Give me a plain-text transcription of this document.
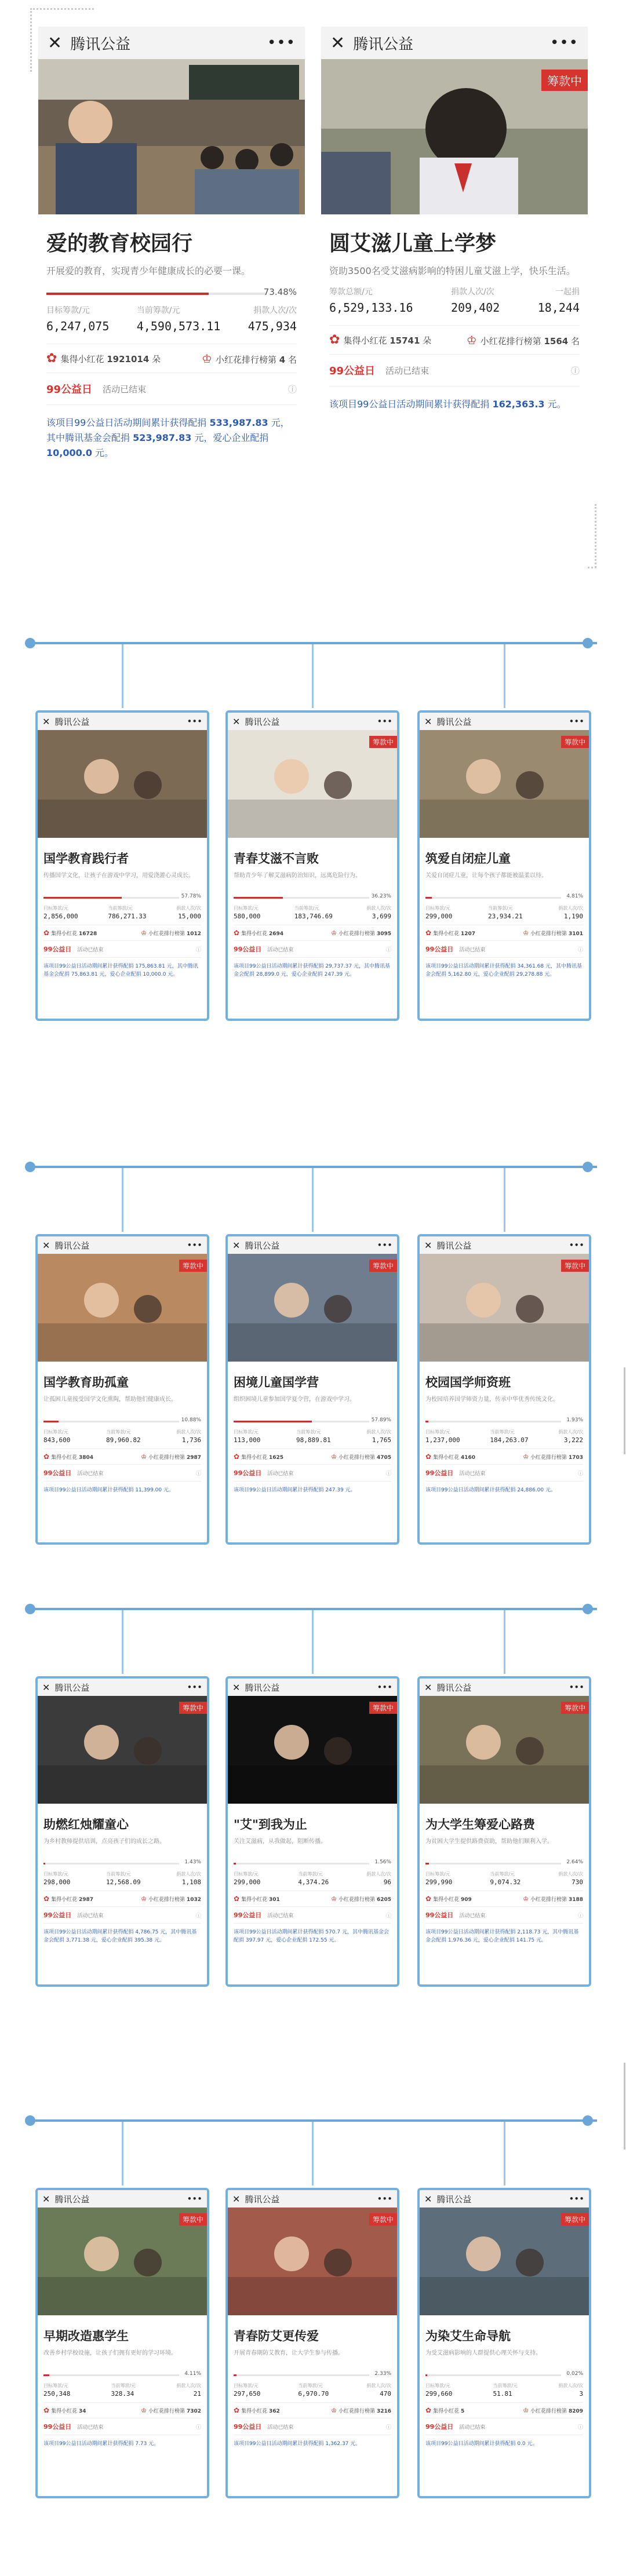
✕ 腾讯公益	•••
爱的教育校园行
开展爱的教育，实现青少年健康成长的必要一课。
73.48%
目标筹款/元
6,247,075
当前筹款/元
4,590,573.11
捐款人次/次
475,934
✿ 集得小红花 1921014 朵	♔ 小红花排行榜第 4 名
99公益日 活动已结束	ⓘ
该项目99公益日活动期间累计获得配捐 533,987.83 元，其中腾讯基金会配捐 523,987.83 元，爱心企业配捐 10,000.0 元。
✕ 腾讯公益	•••
筹款中
圆艾滋儿童上学梦
资助3500名受艾滋病影响的特困儿童艾滋上学，快乐生活。
筹款总额/元
6,529,133.16
捐款人次/次
209,402
一起捐
18,244
✿ 集得小红花 15741 朵	♔ 小红花排行榜第 1564 名
99公益日 活动已结束	ⓘ
该项目99公益日活动期间累计获得配捐 162,363.3 元。
✕ 腾讯公益	•••
国学教育践行者
传播国学文化，让孩子在游戏中学习，用爱浇灌心灵成长。
57.78%
目标筹款/元
2,856,000
当前筹款/元
786,271.33
捐款人次/次
15,000
✿ 集得小红花 16728	♔ 小红花排行榜第 1012
99公益日 活动已结束	ⓘ
该项目99公益日活动期间累计获得配捐 175,863.81 元，其中腾讯基金会配捐 75,863.81 元，爱心企业配捐 10,000.0 元。
✕ 腾讯公益	•••
筹款中
青春艾滋不言败
帮助青少年了解艾滋病防治知识，远离危险行为。
36.23%
目标筹款/元
580,000
当前筹款/元
183,746.69
捐款人次/次
3,699
✿ 集得小红花 2694	♔ 小红花排行榜第 3095
99公益日 活动已结束	ⓘ
该项目99公益日活动期间累计获得配捐 29,737.37 元，其中腾讯基金会配捐 28,899.0 元，爱心企业配捐 247.39 元。
✕ 腾讯公益	•••
筹款中
筑爱自闭症儿童
关爱自闭症儿童，让每个孩子都能被温柔以待。
4.81%
目标筹款/元
299,000
当前筹款/元
23,934.21
捐款人次/次
1,190
✿ 集得小红花 1207	♔ 小红花排行榜第 3101
99公益日 活动已结束	ⓘ
该项目99公益日活动期间累计获得配捐 34,361.68 元，其中腾讯基金会配捐 5,162.80 元，爱心企业配捐 29,278.88 元。
✕ 腾讯公益	•••
筹款中
国学教育助孤童
让孤困儿童接受国学文化熏陶，帮助他们健康成长。
10.88%
目标筹款/元
843,600
当前筹款/元
89,960.82
捐款人次/次
1,736
✿ 集得小红花 3804	♔ 小红花排行榜第 2987
99公益日 活动已结束	ⓘ
该项目99公益日活动期间累计获得配捐 11,399.00 元。
✕ 腾讯公益	•••
筹款中
困境儿童国学营
组织困境儿童参加国学夏令营，在游戏中学习。
57.89%
目标筹款/元
113,000
当前筹款/元
98,889.81
捐款人次/次
1,765
✿ 集得小红花 1625	♔ 小红花排行榜第 4705
99公益日 活动已结束	ⓘ
该项目99公益日活动期间累计获得配捐 247.39 元。
✕ 腾讯公益	•••
筹款中
校园国学师资班
为校园培养国学师资力量，传承中华优秀传统文化。
1.93%
目标筹款/元
1,237,000
当前筹款/元
184,263.07
捐款人次/次
3,222
✿ 集得小红花 4160	♔ 小红花排行榜第 1703
99公益日 活动已结束	ⓘ
该项目99公益日活动期间累计获得配捐 24,886.00 元。
✕ 腾讯公益	•••
筹款中
助燃红烛耀童心
为乡村教师提供培训，点亮孩子们的成长之路。
1.43%
目标筹款/元
298,000
当前筹款/元
12,568.09
捐款人次/次
1,108
✿ 集得小红花 2987	♔ 小红花排行榜第 1032
99公益日 活动已结束	ⓘ
该项目99公益日活动期间累计获得配捐 4,786.75 元，其中腾讯基金会配捐 3,771.38 元，爱心企业配捐 395.38 元。
✕ 腾讯公益	•••
筹款中
"艾"到我为止
关注艾滋病，从我做起，阻断传播。
1.56%
目标筹款/元
299,000
当前筹款/元
4,374.26
捐款人次/次
96
✿ 集得小红花 301	♔ 小红花排行榜第 6205
99公益日 活动已结束	ⓘ
该项目99公益日活动期间累计获得配捐 570.7 元，其中腾讯基金会配捐 397.97 元，爱心企业配捐 172.55 元。
✕ 腾讯公益	•••
筹款中
为大学生筹爱心路费
为贫困大学生提供路费资助，帮助他们顺利入学。
2.64%
目标筹款/元
299,990
当前筹款/元
9,074.32
捐款人次/次
730
✿ 集得小红花 909	♔ 小红花排行榜第 3188
99公益日 活动已结束	ⓘ
该项目99公益日活动期间累计获得配捐 2,118.73 元，其中腾讯基金会配捐 1,976.36 元，爱心企业配捐 141.75 元。
✕ 腾讯公益	•••
筹款中
早期改造惠学生
改善乡村学校设施，让孩子们拥有更好的学习环境。
4.11%
目标筹款/元
250,348
当前筹款/元
328.34
捐款人次/次
21
✿ 集得小红花 34	♔ 小红花排行榜第 7302
99公益日 活动已结束	ⓘ
该项目99公益日活动期间累计获得配捐 7.73 元。
✕ 腾讯公益	•••
筹款中
青春防艾更传爱
开展青春期防艾教育，让大学生参与传播。
2.33%
目标筹款/元
297,650
当前筹款/元
6,970.70
捐款人次/次
470
✿ 集得小红花 362	♔ 小红花排行榜第 3216
99公益日 活动已结束	ⓘ
该项目99公益日活动期间累计获得配捐 1,362.37 元。
✕ 腾讯公益	•••
筹款中
为染艾生命导航
为受艾滋病影响的人群提供心理关怀与支持。
0.02%
目标筹款/元
299,660
当前筹款/元
51.81
捐款人次/次
3
✿ 集得小红花 5	♔ 小红花排行榜第 8209
99公益日 活动已结束	ⓘ
该项目99公益日活动期间累计获得配捐 0.0 元。
